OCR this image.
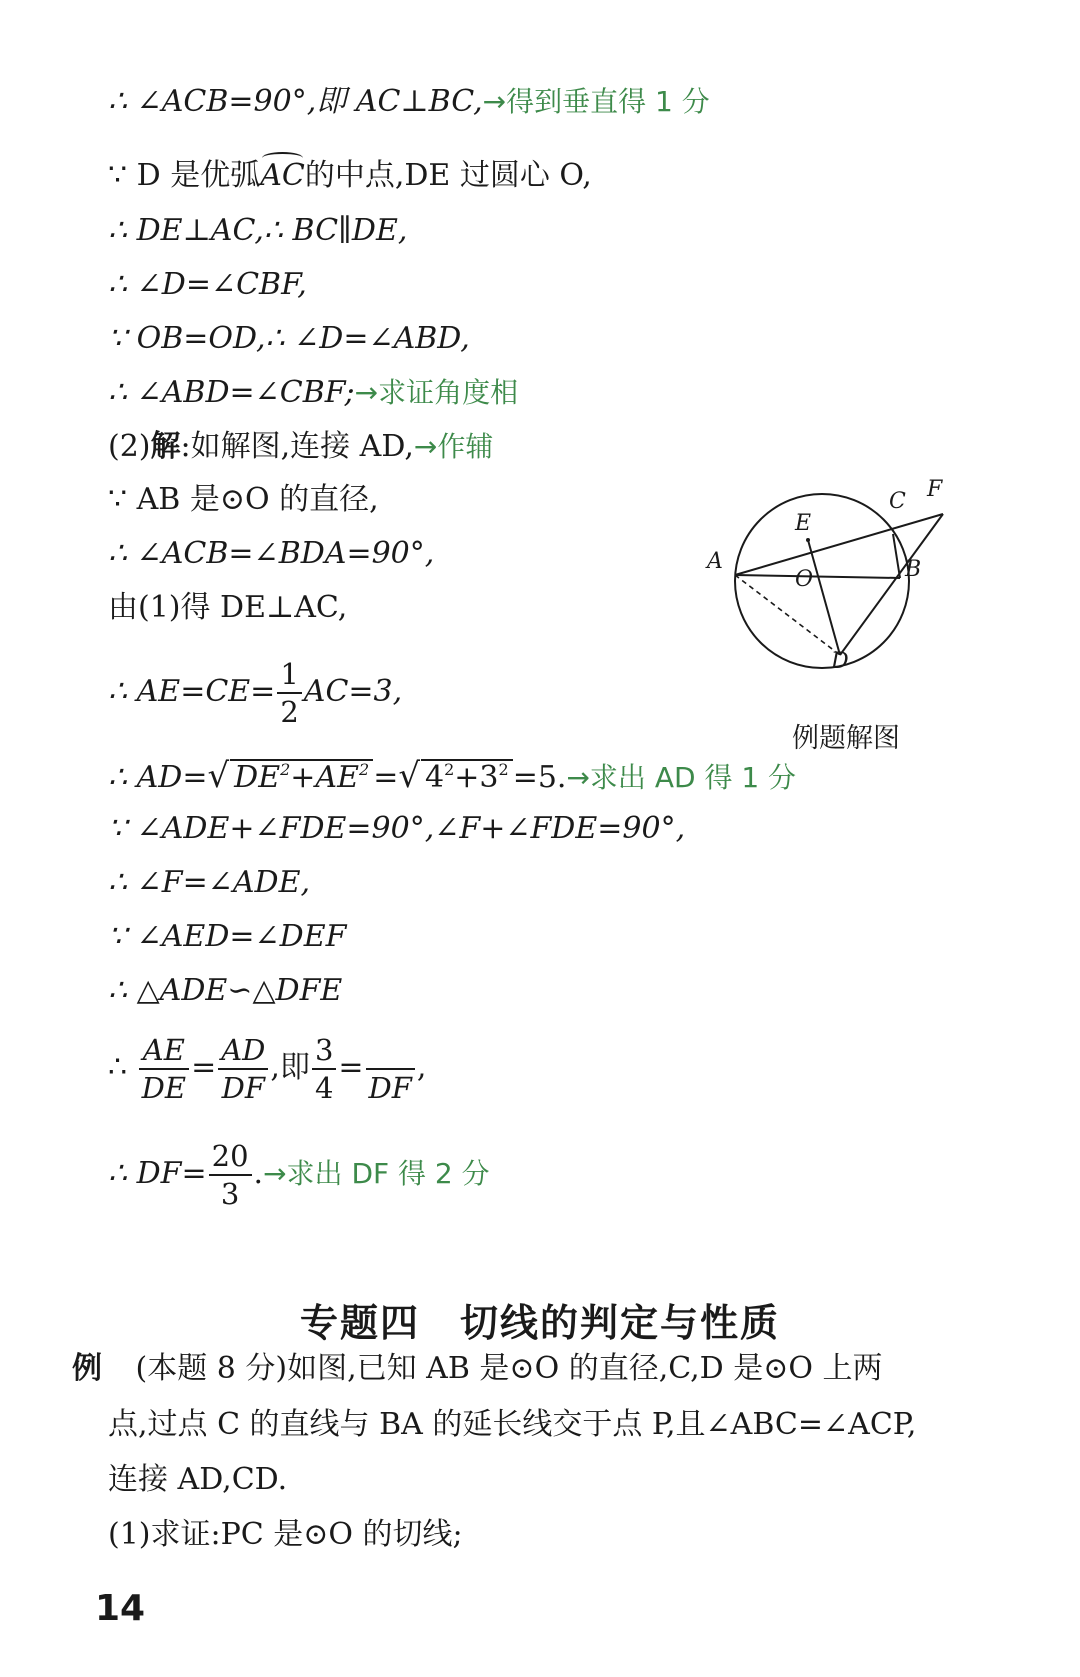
∴ ∠ACB=90°,即 AC⊥BC,→得到垂直得 1 分
∵ D 是优弧AC的中点,DE 过圆心 O,
∴ DE⊥AC,∴ BC∥DE,
∴ ∠D=∠CBF,
∵ OB=OD,∴ ∠D=∠ABD,
∴ ∠ABD=∠CBF;→求证角度相
(2)解:如解图,连接 AD,→作辅
∵ AB 是⊙O 的直径,
∴ ∠ACB=∠BDA=90°,
由(1)得 DE⊥AC,
∴ $AE=CE= \frac{1}{2} AC=3$,
∴ AD=√ $DE^2+AE^2$ =√ $4^2+3^2 =5.\to$求出 AD 得 1 分
∵ ∠ADE+∠FDE=90°,∠F+∠FDE=90°,
∴ ∠F=∠ADE,
∵ ∠AED=∠DEF
∴ △ADE∽△DFE
∴ $\frac{AE}{DE} = \frac{AD}{DF}$ ,即 $\frac{3}{4}$ =

DF
,
∴ $DF= \frac{20}{3}$ .→求出 DF 得 2 分
A	B
C
D
E
F
O
例题解图
专题四　切线的判定与性质
例 (本题 8 分)如图,已知 AB 是⊙O 的直径,C,D 是⊙O 上两
点,过点 C 的直线与 BA 的延长线交于点 P,且∠ABC=∠ACP,
连接 AD,CD.
(1)求证:PC 是⊙O 的切线;
14
